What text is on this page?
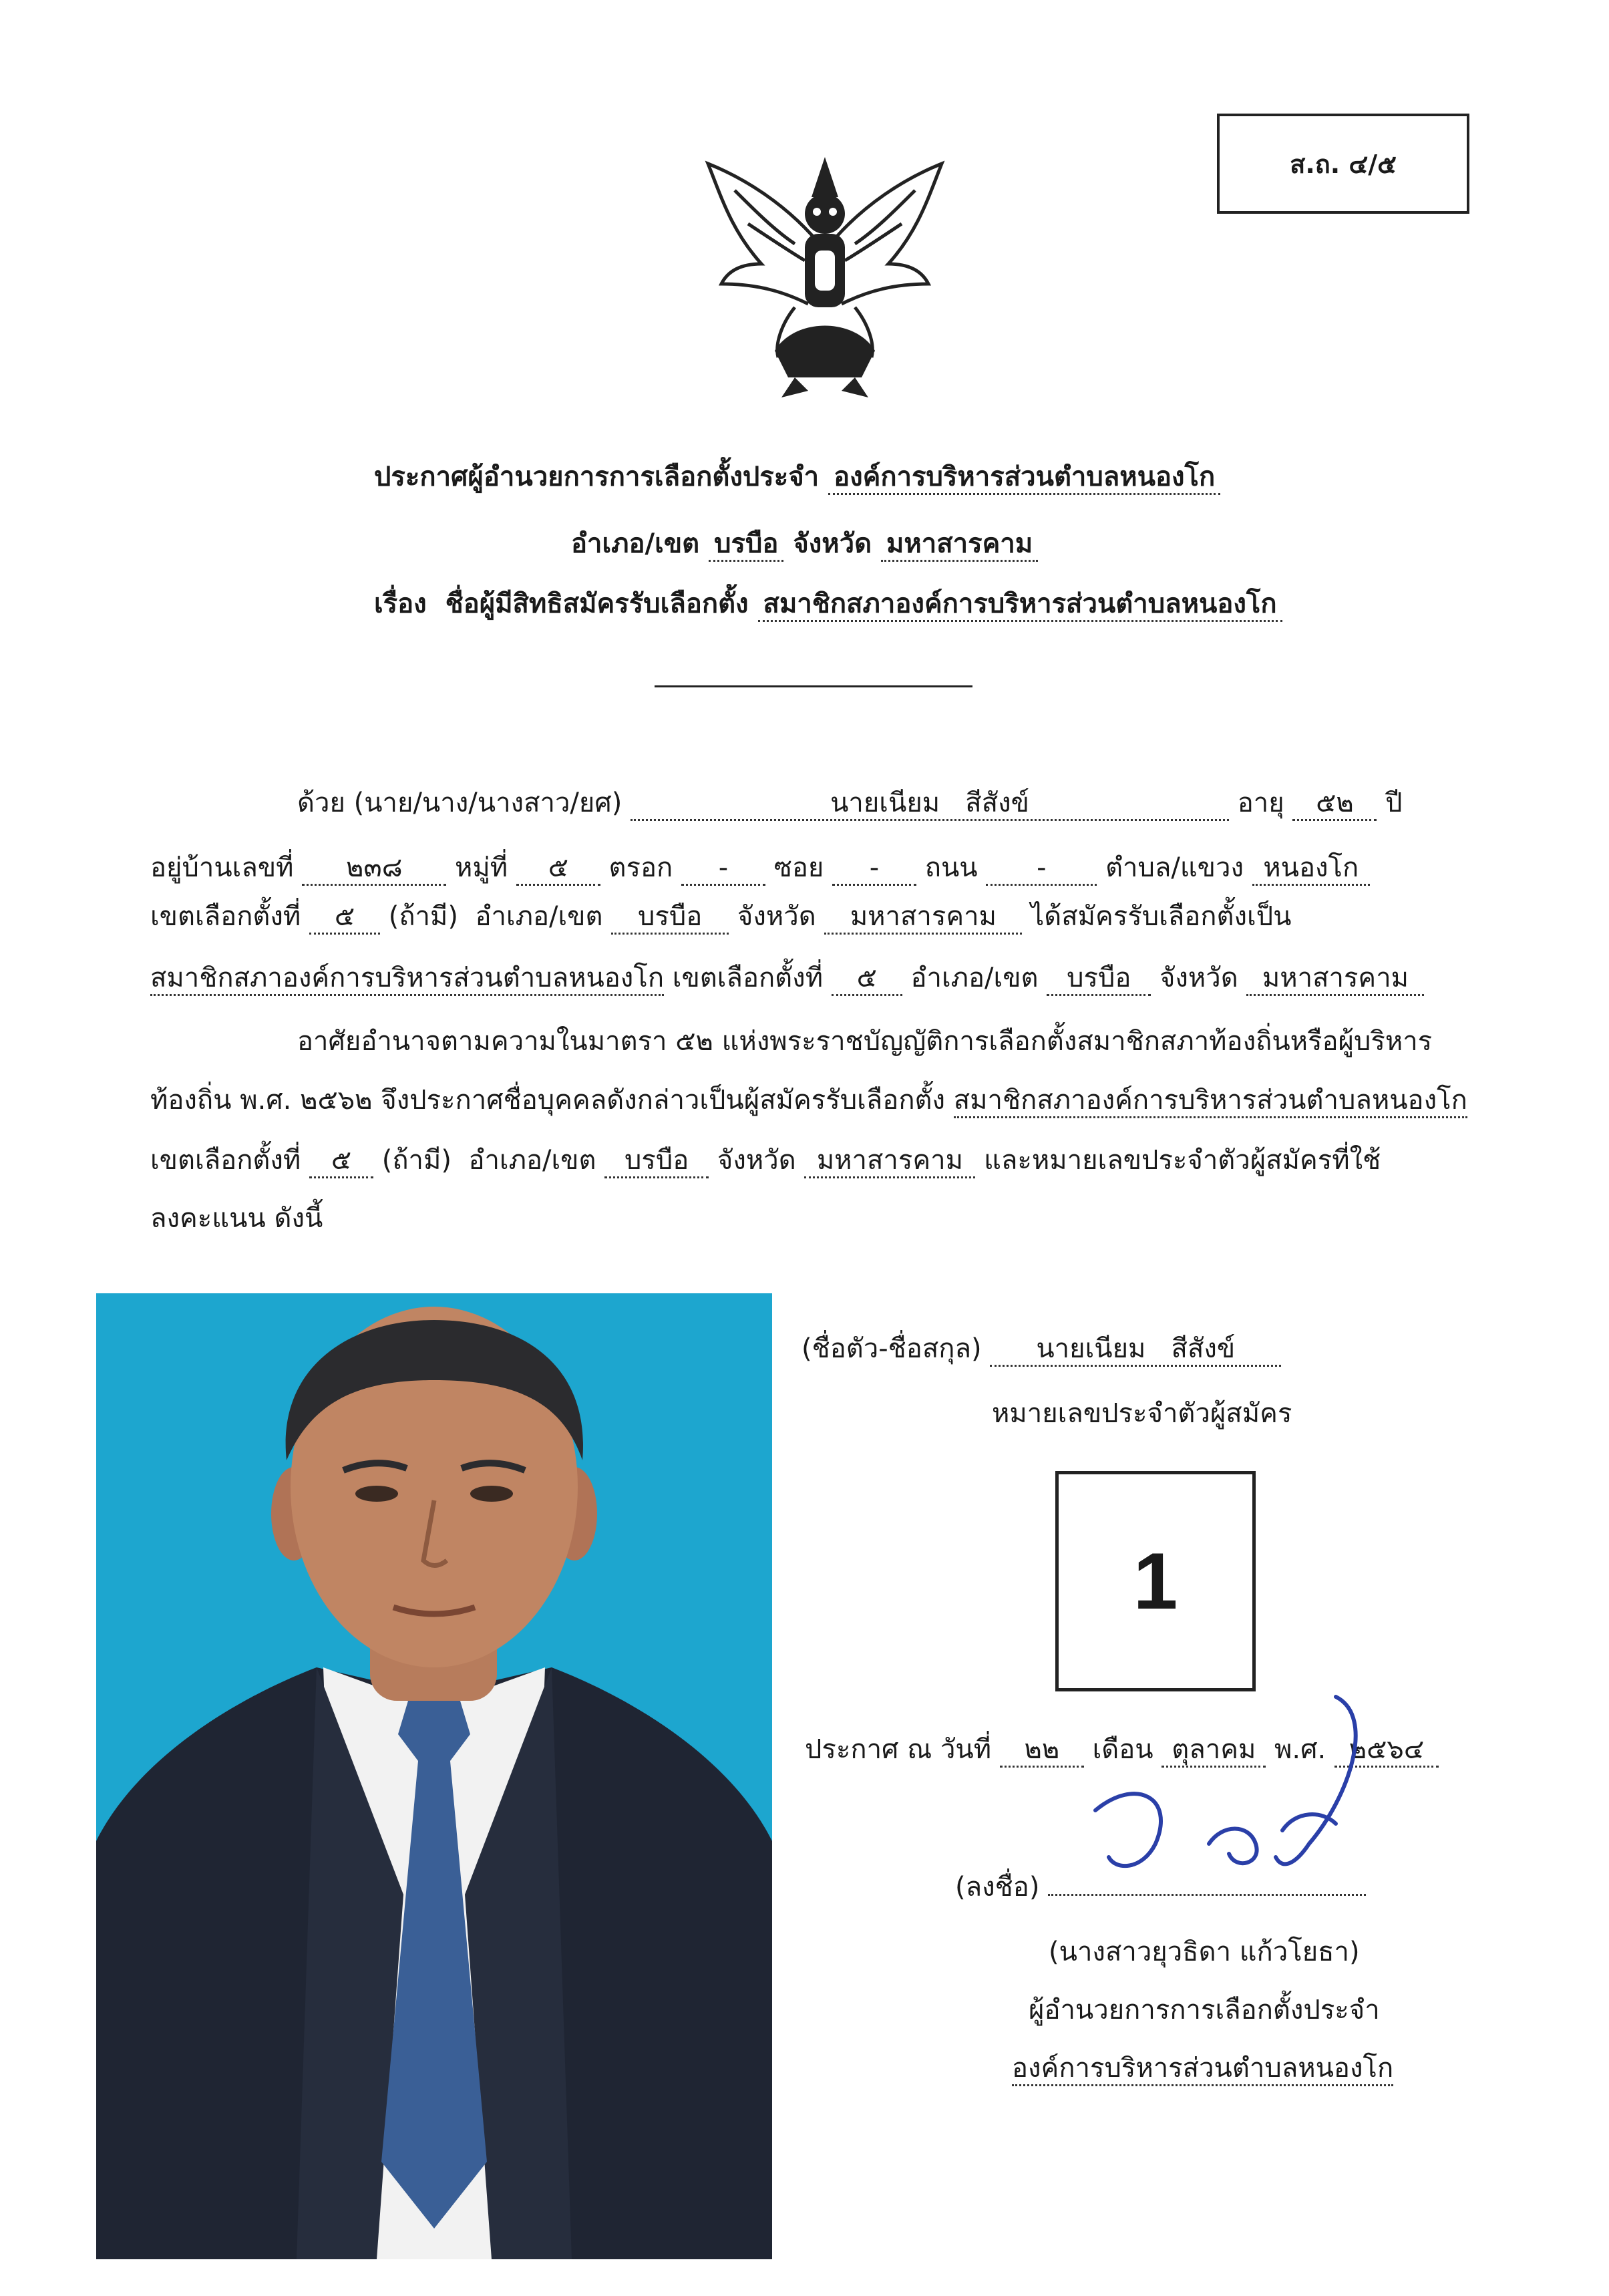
ส.ถ. ๔/๕
ประกาศผู้อำนวยการการเลือกตั้งประจำ องค์การบริหารส่วนตำบลหนองโก
อำเภอ/เขต บรบือ จังหวัด มหาสารคาม
เรื่อง ชื่อผู้มีสิทธิสมัครรับเลือกตั้ง สมาชิกสภาองค์การบริหารส่วนตำบลหนองโก
ด้วย (นาย/นาง/นางสาว/ยศ)	นายเนียม สีสังข์	อายุ ๕๒ ปี
อยู่บ้านเลขที่ ๒๓๘ หมู่ที่ ๕ ตรอก - ซอย - ถนน - ตำบล/แขวง หนองโก
เขตเลือกตั้งที่ ๕ (ถ้ามี) อำเภอ/เขต บรบือ จังหวัด มหาสารคาม ได้สมัครรับเลือกตั้งเป็น
สมาชิกสภาองค์การบริหารส่วนตำบลหนองโก เขตเลือกตั้งที่ ๕ อำเภอ/เขต บรบือ จังหวัด มหาสารคาม
อาศัยอำนาจตามความในมาตรา ๕๒ แห่งพระราชบัญญัติการเลือกตั้งสมาชิกสภาท้องถิ่นหรือผู้บริหาร
ท้องถิ่น พ.ศ. ๒๕๖๒ จึงประกาศชื่อบุคคลดังกล่าวเป็นผู้สมัครรับเลือกตั้ง สมาชิกสภาองค์การบริหารส่วนตำบลหนองโก
เขตเลือกตั้งที่ ๕ (ถ้ามี) อำเภอ/เขต บรบือ จังหวัด มหาสารคาม และหมายเลขประจำตัวผู้สมัครที่ใช้
ลงคะแนน ดังนี้
(ชื่อตัว-ชื่อสกุล) นายเนียม สีสังข์
หมายเลขประจำตัวผู้สมัคร
1
ประกาศ ณ วันที่ ๒๒ เดือน ตุลาคม พ.ศ. ๒๕๖๔
(ลงชื่อ)
(นางสาวยุวธิดา แก้วโยธา)
ผู้อำนวยการการเลือกตั้งประจำ
องค์การบริหารส่วนตำบลหนองโก
